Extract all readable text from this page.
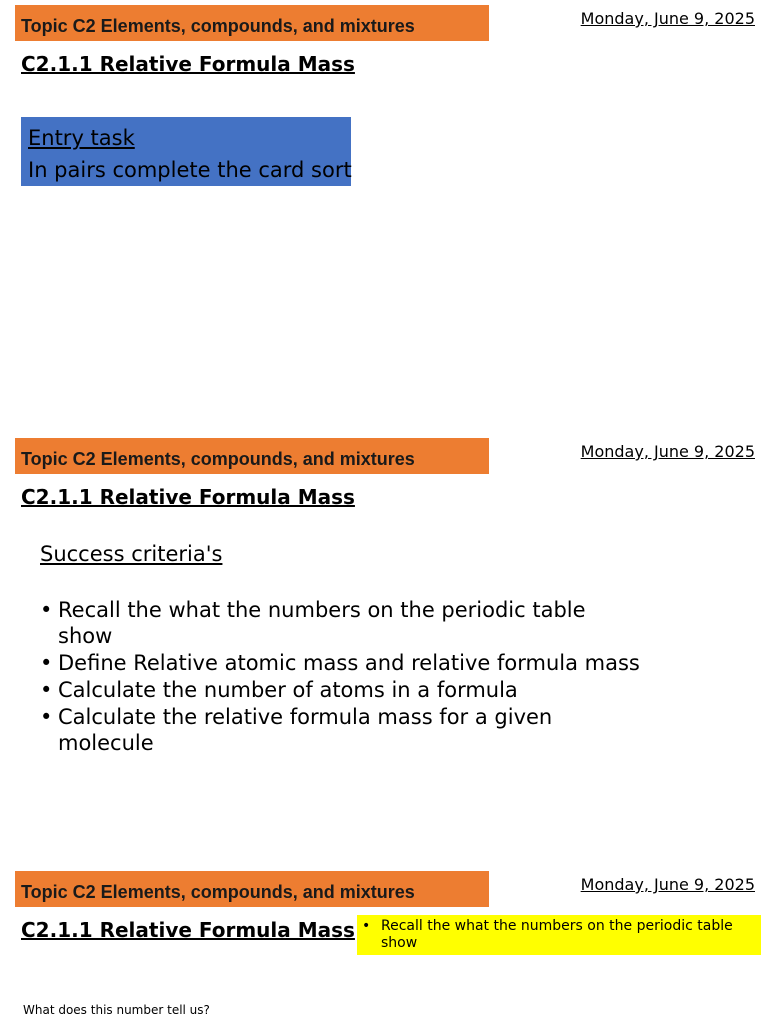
Topic C2 Elements, compounds, and mixtures	Monday, June 9, 2025
C2.1.1 Relative Formula Mass
Entry task
In pairs complete the card sort
Topic C2 Elements, compounds, and mixtures	Monday, June 9, 2025
C2.1.1 Relative Formula Mass
Success criteria's
• Recall the what the numbers on the periodic table show
• Define Relative atomic mass and relative formula mass
• Calculate the number of atoms in a formula
• Calculate the relative formula mass for a given molecule
Topic C2 Elements, compounds, and mixtures	Monday, June 9, 2025
C2.1.1 Relative Formula Mass
•	Recall the what the numbers on the periodic table show
What does this number tell us?
